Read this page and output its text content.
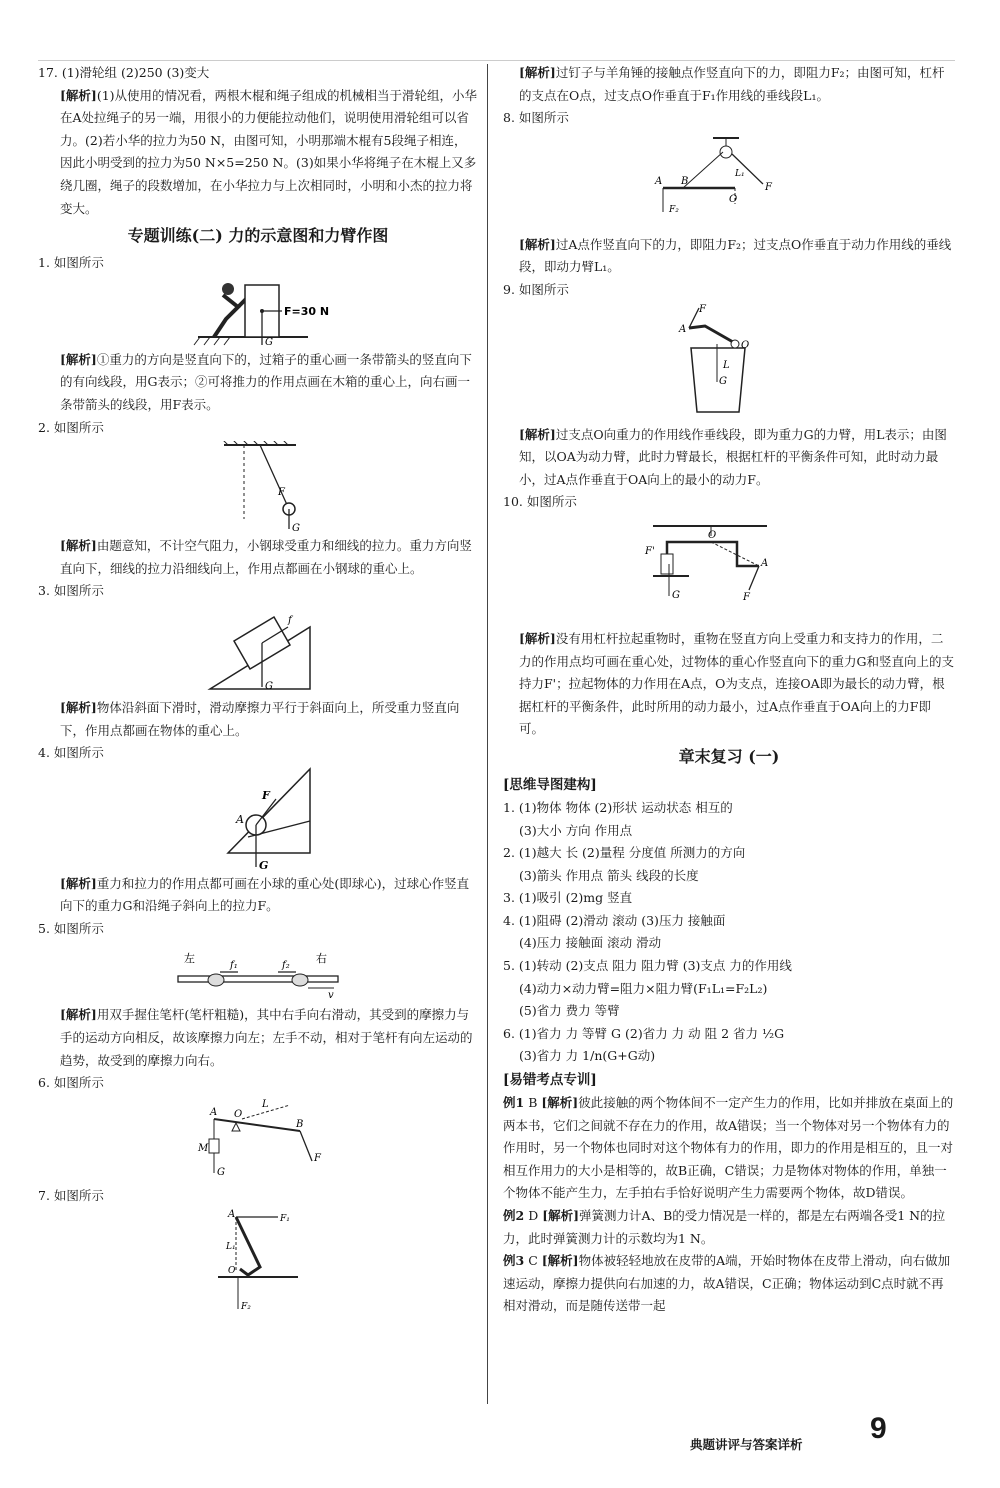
17. (1)滑轮组 (2)250 (3)变大

[解析](1)从使用的情况看，两根木棍和绳子组成的机械相当于滑轮组，小华在A处拉绳子的另一端，用很小的力便能拉动他们，说明使用滑轮组可以省力。(2)若小华的拉力为50 N，由图可知，小明那端木棍有5段绳子相连，因此小明受到的拉力为50 N×5=250 N。(3)如果小华将绳子在木棍上又多绕几圈，绳子的段数增加，在小华拉力与上次相同时，小明和小杰的拉力将变大。

专题训练(二) 力的示意图和力臂作图

1. 如图所示

F=30 N
G

[解析]①重力的方向是竖直向下的，过箱子的重心画一条带箭头的竖直向下的有向线段，用G表示；②可将推力的作用点画在木箱的重心上，向右画一条带箭头的线段，用F表示。

2. 如图所示

F
G

[解析]由题意知，不计空气阻力，小钢球受重力和细线的拉力。重力方向竖直向下，细线的拉力沿细线向上，作用点都画在小钢球的重心上。

3. 如图所示

f
G

[解析]物体沿斜面下滑时，滑动摩擦力平行于斜面向上，所受重力竖直向下，作用点都画在物体的重心上。

4. 如图所示

F
A
G

[解析]重力和拉力的作用点都可画在小球的重心处(即球心)，过球心作竖直向下的重力G和沿绳子斜向上的拉力F。

5. 如图所示

左	右
f₁	f₂
v

[解析]用双手握住笔杆(笔杆粗糙)，其中右手向右滑动，其受到的摩擦力与手的运动方向相反，故该摩擦力向左；左手不动，相对于笔杆有向左运动的趋势，故受到的摩擦力向右。

6. 如图所示

A O
L
B
F
M
G

7. 如图所示

A	F₁
L₁
O
F₂

[解析]过钉子与羊角锤的接触点作竖直向下的力，即阻力F₂；由图可知，杠杆的支点在O点，过支点O作垂直于F₁作用线的垂线段L₁。

8. 如图所示

A B
L₁
F
O
F₂

[解析]过A点作竖直向下的力，即阻力F₂；过支点O作垂直于动力作用线的垂线段，即动力臂L₁。

9. 如图所示

F
A
O
L
G

[解析]过支点O向重力的作用线作垂线段，即为重力G的力臂，用L表示；由图知，以OA为动力臂，此时力臂最长，根据杠杆的平衡条件可知，此时动力最小，过A点作垂直于OA向上的最小的动力F。

10. 如图所示

O
F'
G
A
F

[解析]没有用杠杆拉起重物时，重物在竖直方向上受重力和支持力的作用，二力的作用点均可画在重心处，过物体的重心作竖直向下的重力G和竖直向上的支持力F'；拉起物体的力作用在A点，O为支点，连接OA即为最长的动力臂，根据杠杆的平衡条件，此时所用的动力最小，过A点作垂直于OA向上的力F即可。

章末复习 (一)
[思维导图建构]

1. (1)物体 物体 (2)形状 运动状态 相互的

(3)大小 方向 作用点

2. (1)越大 长 (2)量程 分度值 所测力的方向

(3)箭头 作用点 箭头 线段的长度

3. (1)吸引 (2)mg 竖直

4. (1)阻碍 (2)滑动 滚动 (3)压力 接触面

(4)压力 接触面 滚动 滑动

5. (1)转动 (2)支点 阻力 阻力臂 (3)支点 力的作用线

(4)动力×动力臂=阻力×阻力臂(F₁L₁=F₂L₂)

(5)省力 费力 等臂

6. (1)省力 力 等臂 G (2)省力 力 动 阻 2 省力 ½G

(3)省力 力 1/n(G+G动)

[易错考点专训]

例1 B [解析]彼此接触的两个物体间不一定产生力的作用，比如并排放在桌面上的两本书，它们之间就不存在力的作用，故A错误；当一个物体对另一个物体有力的作用时，另一个物体也同时对这个物体有力的作用，即力的作用是相互的，且一对相互作用力的大小是相等的，故B正确，C错误；力是物体对物体的作用，单独一个物体不能产生力，左手拍右手恰好说明产生力需要两个物体，故D错误。

例2 D [解析]弹簧测力计A、B的受力情况是一样的，都是左右两端各受1 N的拉力，此时弹簧测力计的示数均为1 N。

例3 C [解析]物体被轻轻地放在皮带的A端，开始时物体在皮带上滑动，向右做加速运动，摩擦力提供向右加速的力，故A错误，C正确；物体运动到C点时就不再相对滑动，而是随传送带一起

典题讲评与答案详析 9
